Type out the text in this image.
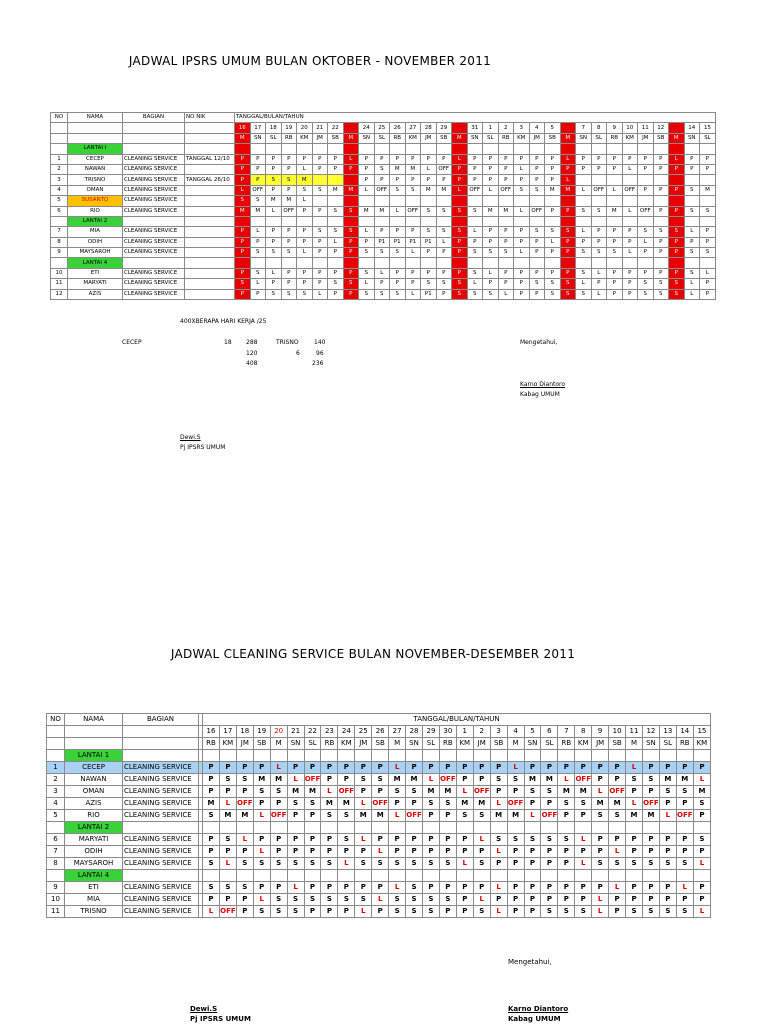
JADWAL IPSRS UMUM BULAN OKTOBER - NOVEMBER 2011
NO	NAMA	BAGIAN	NO NIK	TANGGAL/BULAN/TAHUN																														
				16	17	18	19	20	21	22		24	25	26	27	28	29		31	1	2	3	4	5		7	8	9	10	11	12		14	15
				M	SN	SL	RB	KM	JM	SB	M	SN	SL	RB	KM	JM	SB	M	SN	SL	RB	KM	JM	SB	M	SN	SL	RB	KM	JM	SB	M	SN	SL
	LANTAI I																																	
1	CECEP	CLEANING SERVICE	TANGGAL 12/10	P	P	P	P	P	P	P	L	P	P	P	P	P	P	L	P	P	P	P	P	P	L	P	P	P	P	P	P	L	P	P
2	NAWAN	CLEANING SERVICE		P	P	P	P	L	P	P	P	P	S	M	M	L	OFF	P	P	P	P	L	P	P	P	P	P	P	L	P	P	P	P	P
3	TRISNO	CLEANING SERVICE	TANGGAL 26/10	P	P	S	S	M				P	P	P	P	P	P	P	P	P	P	P	P	P	L									
4	OMAN	CLEANING SERVICE		L	OFF	P	P	S	S	M	M	L	OFF	S	S	M	M	L	OFF	L	OFF	S	S	M	M	L	OFF	L	OFF	P	P	P	S	M
5	SUSANTO	CLEANING SERVICE		S	S	M	M	L																										
6	RIO	CLEANING SERVICE		M	M	L	OFF	P	P	S	S	M	M	L	OFF	S	S	S	S	M	M	L	OFF	P	P	S	S	M	L	OFF	P	P	S	S
	LANTAI 2																																	
7	MIA	CLEANING SERVICE		P	L	P	P	P	S	S	S	L	P	P	P	S	S	S	L	P	P	P	S	S	S	L	P	P	P	S	S	S	L	P
8	ODIH	CLEANING SERVICE		P	P	P	P	P	P	L	P	P	P1	P1	P1	P1	L	P	P	P	P	P	P	L	P	P	P	P	P	L	P	P	P	P
9	MAYSAROH	CLEANING SERVICE		P	S	S	S	L	P	P	P	S	S	S	L	P	P	P	S	S	S	L	P	P	P	S	S	S	L	P	P	P	S	S
	LANTAI 4																																	
10	ETI	CLEANING SERVICE		P	S	L	P	P	P	P	P	S	L	P	P	P	P	P	S	L	P	P	P	P	P	S	L	P	P	P	P	P	S	L
11	MARYATI	CLEANING SERVICE		S	L	P	P	P	P	S	S	L	P	P	P	S	S	S	L	P	P	P	S	S	S	L	P	P	P	S	S	S	L	P
12	AZIS	CLEANING SERVICE		P	P	S	S	S	L	P	P	S	S	S	L	P1	P	S	S	S	L	P	P	S	S	S	L	P	P	S	S	S	L	P
400XBERAPA HARI KERJA /25
CECEP	18 288	TRISNO	140
120	6	96
408	236
Mengetahui,
Karno Diantoro
Kabag UMUM
Dewi.S
Pj IPSRS UMUM
JADWAL CLEANING SERVICE BULAN NOVEMBER-DESEMBER 2011
NO	NAMA	BAGIAN		TANGGAL/BULAN/TAHUN																													
				16	17	18	19	20	21	22	23	24	25	26	27	28	29	30	1	2	3	4	5	6	7	8	9	10	11	12	13	14	15
				RB	KM	JM	SB	M	SN	SL	RB	KM	JM	SB	M	SN	SL	RB	KM	JM	SB	M	SN	SL	RB	KM	JM	SB	M	SN	SL	RB	KM
	LANTAI 1																																
1	CECEP	CLEANING SERVICE		P	P	P	P	L	P	P	P	P	P	P	L	P	P	P	P	P	P	L	P	P	P	P	P	P	L	P	P	P	P
2	NAWAN	CLEANING SERVICE		P	S	S	M	M	L	OFF	P	P	S	S	M	M	L	OFF	P	P	S	S	M	M	L	OFF	P	P	S	S	M	M	L
3	OMAN	CLEANING SERVICE		P	P	P	S	S	M	M	L	OFF	P	P	S	S	M	M	L	OFF	P	P	S	S	M	M	L	OFF	P	P	S	S	M
4	AZIS	CLEANING SERVICE		M	L	OFF	P	P	S	S	M	M	L	OFF	P	P	S	S	M	M	L	OFF	P	P	S	S	M	M	L	OFF	P	P	S
5	RIO	CLEANING SERVICE		S	M	M	L	OFF	P	P	S	S	M	M	L	OFF	P	P	S	S	M	M	L	OFF	P	P	S	S	M	M	L	OFF	P
	LANTAI 2																																
6	MARYATI	CLEANING SERVICE		P	S	L	P	P	P	P	P	S	L	P	P	P	P	P	P	L	S	S	S	S	S	L	P	P	P	P	P	P	S
7	ODIH	CLEANING SERVICE		P	P	P	L	P	P	P	P	P	P	L	P	P	P	P	P	P	L	P	P	P	P	P	P	L	P	P	P	P	P
8	MAYSAROH	CLEANING SERVICE		S	L	S	S	S	S	S	S	L	S	S	S	S	S	S	L	S	P	P	P	P	P	L	S	S	S	S	S	S	L
	LANTAI 4																																
9	ETI	CLEANING SERVICE		S	S	S	P	P	L	P	P	P	P	P	L	S	P	P	P	P	L	P	P	P	P	P	P	L	P	P	P	L	P
10	MIA	CLEANING SERVICE		P	P	P	L	S	S	S	S	S	S	L	S	S	S	S	P	L	P	P	P	P	P	P	L	P	P	P	P	P	P
11	TRISNO	CLEANING SERVICE		L	OFF	P	S	S	S	P	P	P	L	P	S	S	S	P	P	S	L	P	P	S	S	S	L	P	S	S	S	S	L
Mengetahui,
Dewi.S
Pj IPSRS UMUM
Karno Diantoro
Kabag UMUM
